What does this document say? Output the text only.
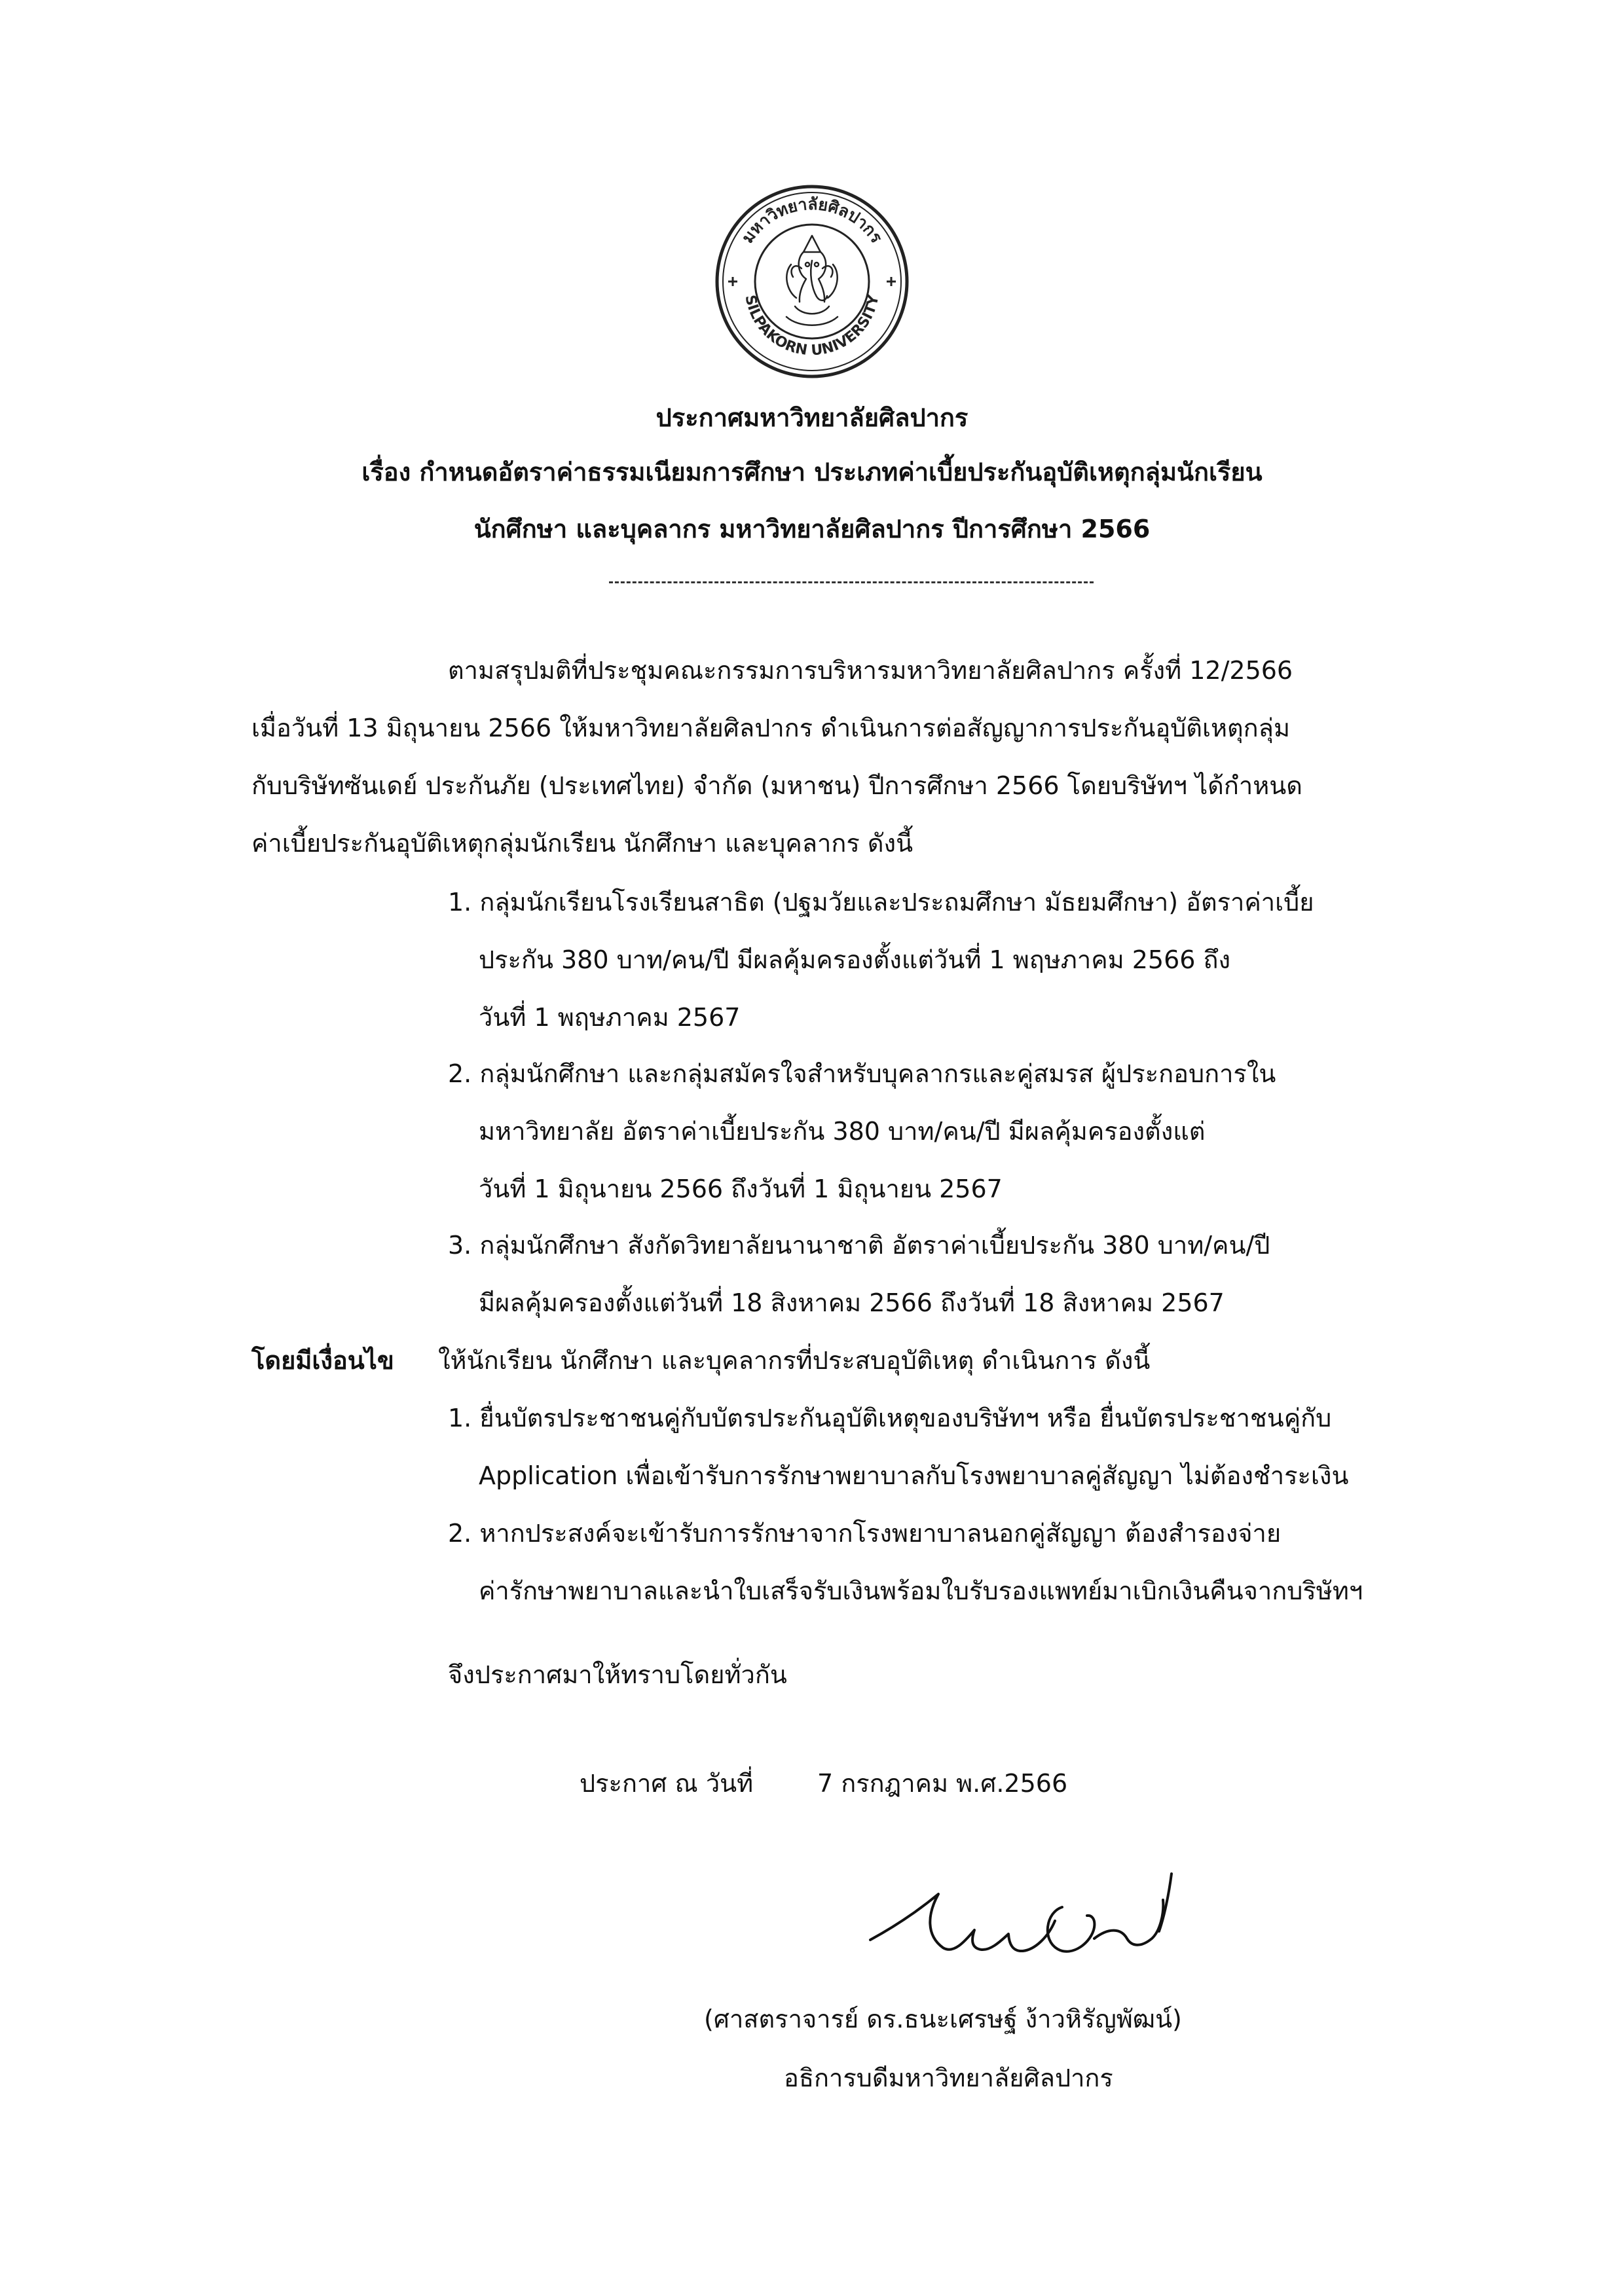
มหาวิทยาลัยศิลปากร
SILPAKORN UNIVERSITY
ประกาศมหาวิทยาลัยศิลปากร
เรื่อง กำหนดอัตราค่าธรรมเนียมการศึกษา ประเภทค่าเบี้ยประกันอุบัติเหตุกลุ่มนักเรียน
นักศึกษา และบุคลากร มหาวิทยาลัยศิลปากร ปีการศึกษา 2566
ตามสรุปมติที่ประชุมคณะกรรมการบริหารมหาวิทยาลัยศิลปากร ครั้งที่ 12/2566
เมื่อวันที่ 13 มิถุนายน 2566 ให้มหาวิทยาลัยศิลปากร ดำเนินการต่อสัญญาการประกันอุบัติเหตุกลุ่ม
กับบริษัทซันเดย์ ประกันภัย (ประเทศไทย) จำกัด (มหาชน) ปีการศึกษา 2566 โดยบริษัทฯ ได้กำหนด
ค่าเบี้ยประกันอุบัติเหตุกลุ่มนักเรียน นักศึกษา และบุคลากร ดังนี้
1. กลุ่มนักเรียนโรงเรียนสาธิต (ปฐมวัยและประถมศึกษา มัธยมศึกษา) อัตราค่าเบี้ย
ประกัน 380 บาท/คน/ปี มีผลคุ้มครองตั้งแต่วันที่ 1 พฤษภาคม 2566 ถึง
วันที่ 1 พฤษภาคม 2567
2. กลุ่มนักศึกษา และกลุ่มสมัครใจสำหรับบุคลากรและคู่สมรส ผู้ประกอบการใน
มหาวิทยาลัย อัตราค่าเบี้ยประกัน 380 บาท/คน/ปี มีผลคุ้มครองตั้งแต่
วันที่ 1 มิถุนายน 2566 ถึงวันที่ 1 มิถุนายน 2567
3. กลุ่มนักศึกษา สังกัดวิทยาลัยนานาชาติ อัตราค่าเบี้ยประกัน 380 บาท/คน/ปี
มีผลคุ้มครองตั้งแต่วันที่ 18 สิงหาคม 2566 ถึงวันที่ 18 สิงหาคม 2567
โดยมีเงื่อนไข ให้นักเรียน นักศึกษา และบุคลากรที่ประสบอุบัติเหตุ ดำเนินการ ดังนี้
1. ยื่นบัตรประชาชนคู่กับบัตรประกันอุบัติเหตุของบริษัทฯ หรือ ยื่นบัตรประชาชนคู่กับ
Application เพื่อเข้ารับการรักษาพยาบาลกับโรงพยาบาลคู่สัญญา ไม่ต้องชำระเงิน
2. หากประสงค์จะเข้ารับการรักษาจากโรงพยาบาลนอกคู่สัญญา ต้องสำรองจ่าย
ค่ารักษาพยาบาลและนำใบเสร็จรับเงินพร้อมใบรับรองแพทย์มาเบิกเงินคืนจากบริษัทฯ
จึงประกาศมาให้ทราบโดยทั่วกัน
ประกาศ ณ วันที่	7 กรกฎาคม พ.ศ.2566
(ศาสตราจารย์ ดร.ธนะเศรษฐ์ ง้าวหิรัญพัฒน์)
อธิการบดีมหาวิทยาลัยศิลปากร
